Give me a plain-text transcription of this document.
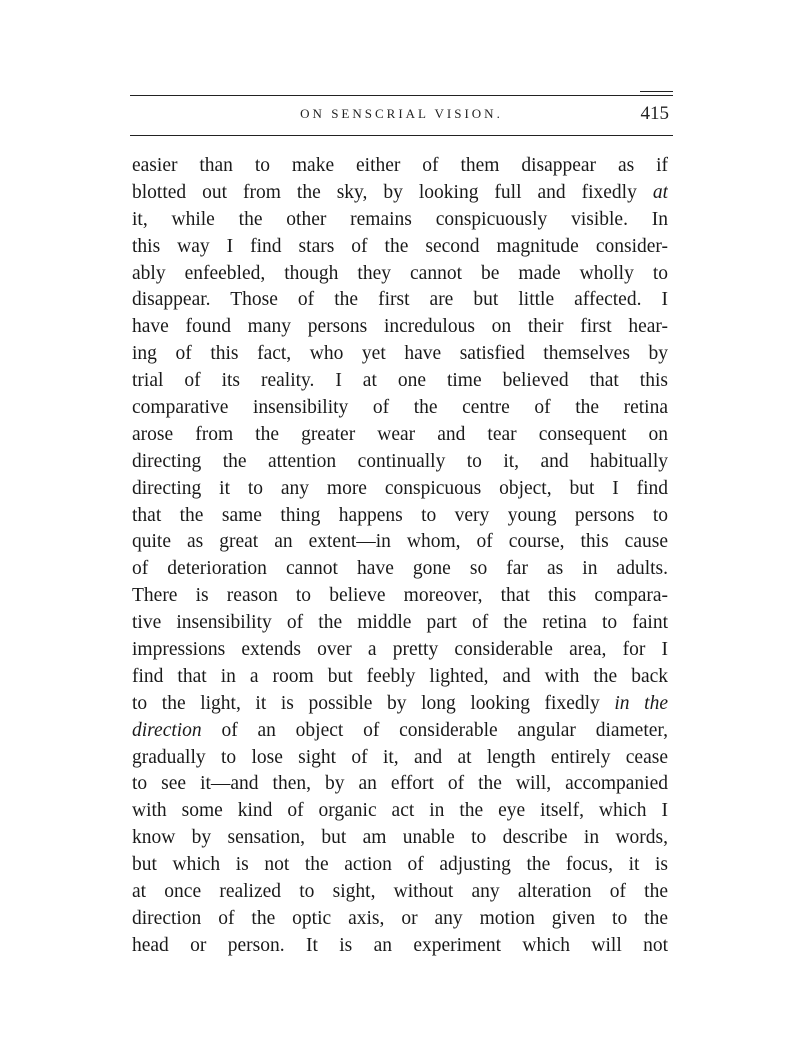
ON SENSCRIAL VISION.	415
easier than to make either of them disappear as if
blotted out from the sky, by looking full and fixedly at
it, while the other remains conspicuously visible. In
this way I find stars of the second magnitude consider-
ably enfeebled, though they cannot be made wholly to
disappear. Those of the first are but little affected. I
have found many persons incredulous on their first hear-
ing of this fact, who yet have satisfied themselves by
trial of its reality. I at one time believed that this
comparative insensibility of the centre of the retina
arose from the greater wear and tear consequent on
directing the attention continually to it, and habitually
directing it to any more conspicuous object, but I find
that the same thing happens to very young persons to
quite as great an extent—in whom, of course, this cause
of deterioration cannot have gone so far as in adults.
There is reason to believe moreover, that this compara-
tive insensibility of the middle part of the retina to faint
impressions extends over a pretty considerable area, for I
find that in a room but feebly lighted, and with the back
to the light, it is possible by long looking fixedly in the
direction of an object of considerable angular diameter,
gradually to lose sight of it, and at length entirely cease
to see it—and then, by an effort of the will, accompanied
with some kind of organic act in the eye itself, which I
know by sensation, but am unable to describe in words,
but which is not the action of adjusting the focus, it is
at once realized to sight, without any alteration of the
direction of the optic axis, or any motion given to the
head or person. It is an experiment which will not
